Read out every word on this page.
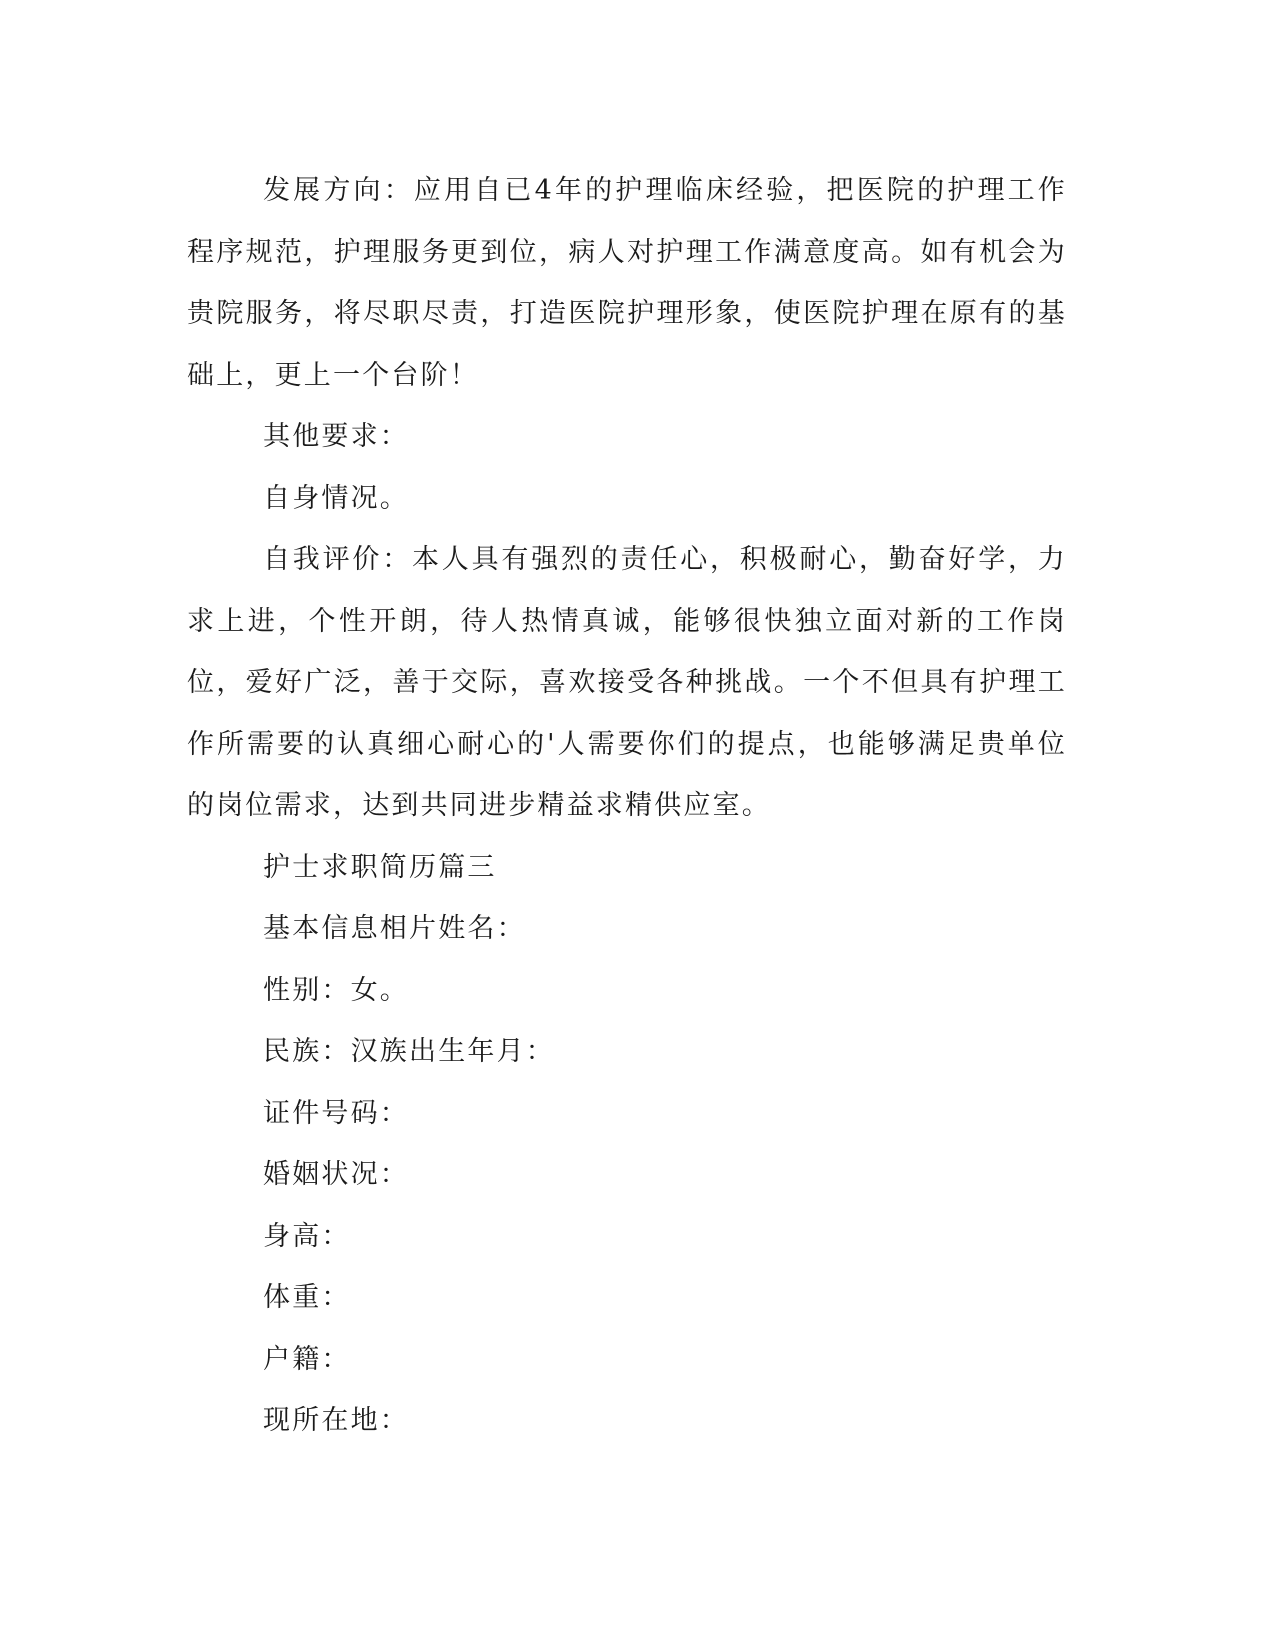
发展方向：应用自已4年的护理临床经验，把医院的护理工作程序规范，护理服务更到位，病人对护理工作满意度高。如有机会为贵院服务，将尽职尽责，打造医院护理形象，使医院护理在原有的基础上，更上一个台阶！

其他要求：

自身情况。

自我评价：本人具有强烈的责任心，积极耐心，勤奋好学，力求上进，个性开朗，待人热情真诚，能够很快独立面对新的工作岗位，爱好广泛，善于交际，喜欢接受各种挑战。一个不但具有护理工作所需要的认真细心耐心的'人需要你们的提点，也能够满足贵单位的岗位需求，达到共同进步精益求精供应室。

护士求职简历篇三

基本信息相片姓名：

性别：女。

民族：汉族出生年月：

证件号码：

婚姻状况：

身高：

体重：

户籍：

现所在地：
